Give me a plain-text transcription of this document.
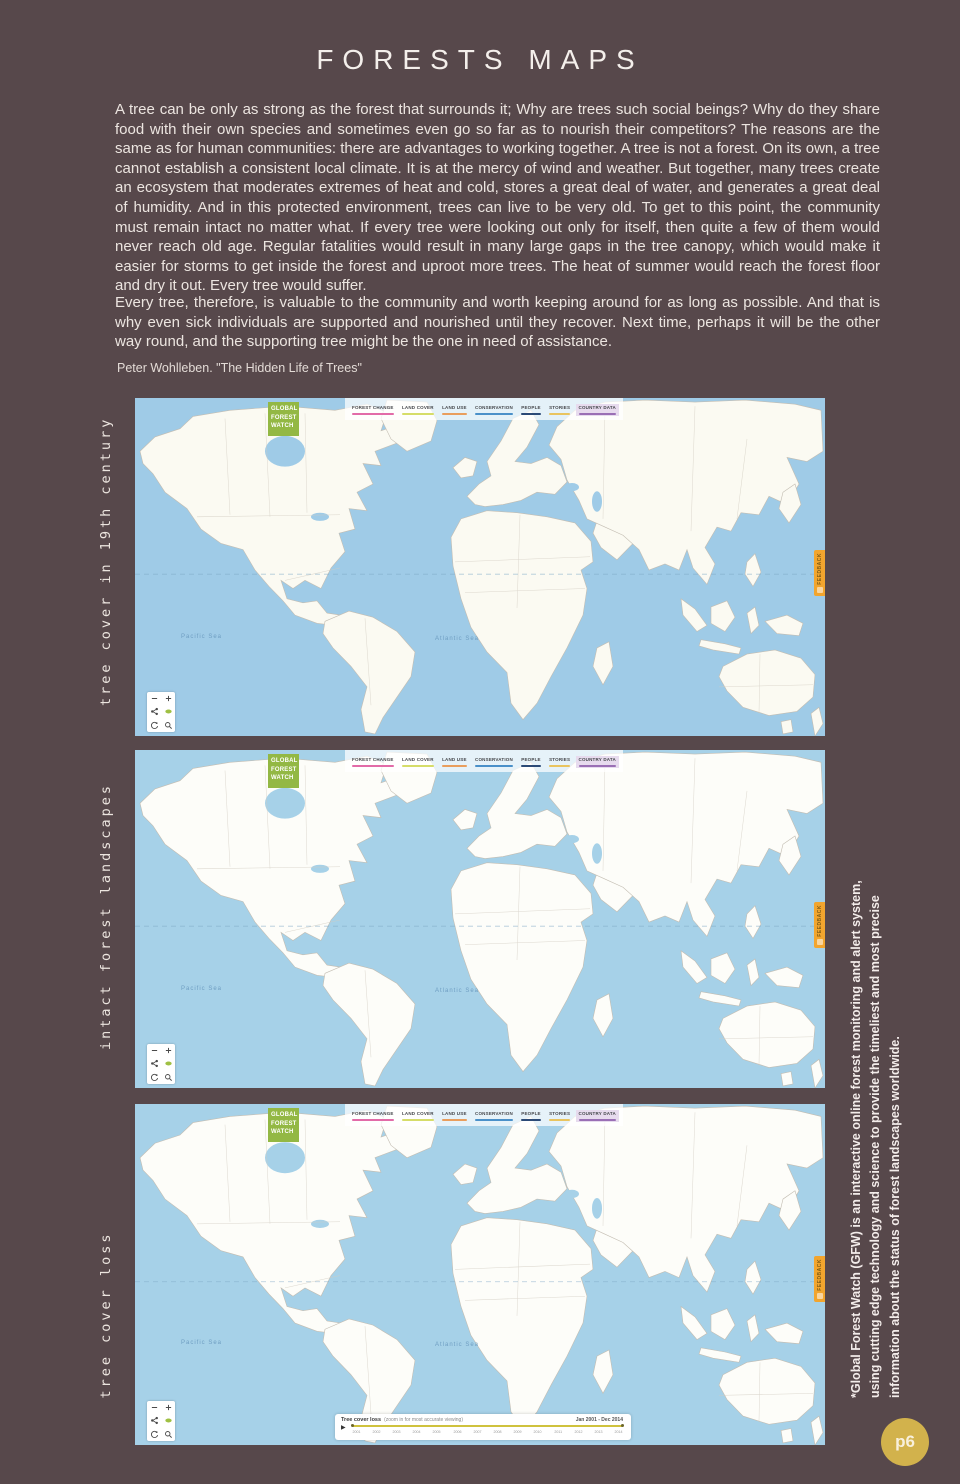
FORESTS MAPS

A tree can be only as strong as the forest that surrounds it; Why are trees such social beings? Why do they share food with their own species and sometimes even go so far as to nourish their competitors? The reasons are the same as for human communities: there are advantages to working together. A tree is not a forest. On its own, a tree cannot establish a consistent local climate. It is at the mercy of wind and weather. But together, many trees create an ecosystem that moderates extremes of heat and cold, stores a great deal of water, and generates a great deal of humidity. And in this protected environment, trees can live to be very old. To get to this point, the community must remain intact no matter what. If every tree were looking out only for itself, then quite a few of them would never reach old age. Regular fatalities would result in many large gaps in the tree canopy, which would make it easier for storms to get inside the forest and uproot more trees. The heat of summer would reach the forest floor and dry it out. Every tree would suffer.

Every tree, therefore, is valuable to the community and worth keeping around for as long as possible. And that is why even sick individuals are supported and nourished until they recover. Next time, perhaps it will be the other way round, and the supporting tree might be the one in need of assistance.

Peter Wohlleben. "The Hidden Life of Trees"

tree cover in 19th century
intact forest landscapes
tree cover loss	*Global Forest Watch (GFW) is an interactive online forest monitoring and alert system, using cutting edge technology and science to provide the timeliest and most precise information about the status of forest landscapes worldwide.
p6
GLOBAL
FOREST
WATCH
FOREST CHANGE LAND COVER LAND USE CONSERVATION PEOPLE STORIES COUNTRY DATA
FEEDBACK
Pacific Sea	Atlantic Sea
GLOBAL
FOREST
WATCH
FOREST CHANGE LAND COVER LAND USE CONSERVATION PEOPLE STORIES COUNTRY DATA
FEEDBACK
Pacific Sea	Atlantic Sea
Tree cover loss (zoom in for most accurate viewing)	Jan 2001 - Dec 2014
▶
2001	2002	2003	2004	2005	2006	2007	2008	2009	2010	2011	2012	2013	2014
GLOBAL
FOREST
WATCH
FOREST CHANGE LAND COVER LAND USE CONSERVATION PEOPLE STORIES COUNTRY DATA
FEEDBACK
Pacific Sea	Atlantic Sea
